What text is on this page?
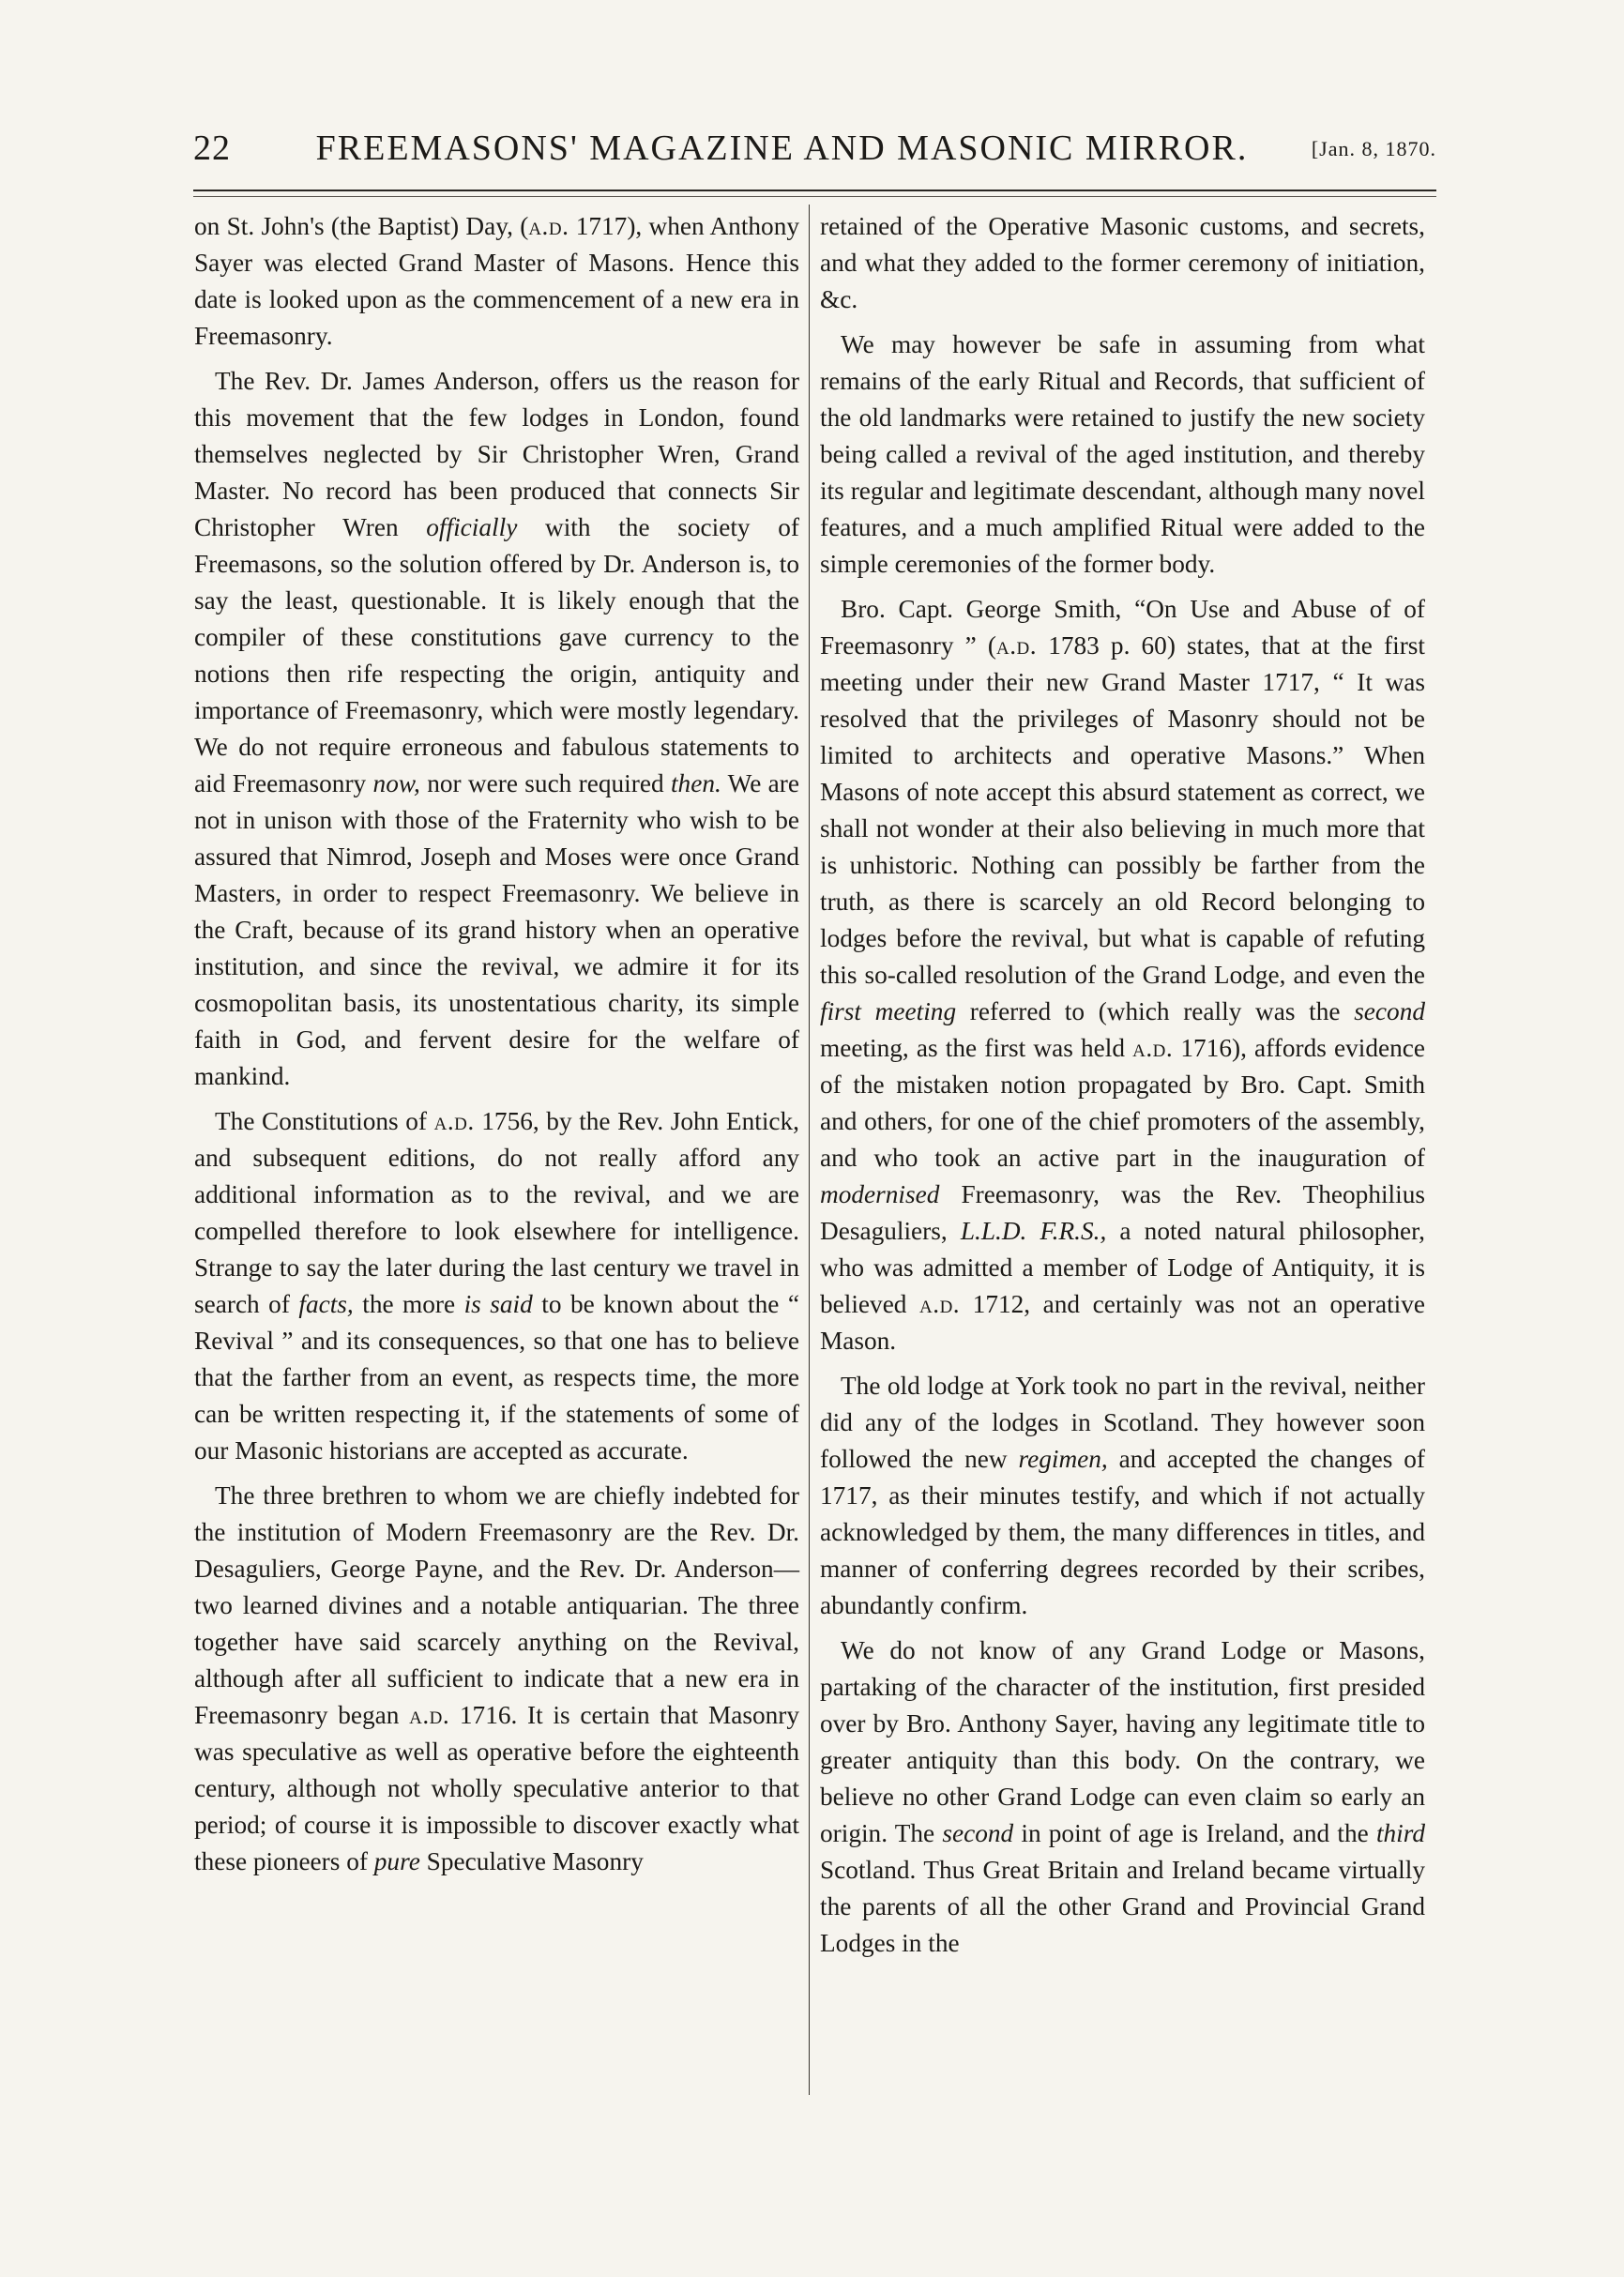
22	FREEMASONS' MAGAZINE AND MASONIC MIRROR.	[Jan. 8, 1870.

on St. John's (the Baptist) Day, (a.d. 1717), when Anthony Sayer was elected Grand Master of Masons. Hence this date is looked upon as the commencement of a new era in Freemasonry.

The Rev. Dr. James Anderson, offers us the reason for this movement that the few lodges in London, found themselves neglected by Sir Christopher Wren, Grand Master. No record has been produced that connects Sir Christopher Wren officially with the society of Freemasons, so the solution offered by Dr. Anderson is, to say the least, questionable. It is likely enough that the compiler of these constitutions gave currency to the notions then rife respecting the origin, antiquity and importance of Freemasonry, which were mostly legendary. We do not require erroneous and fabulous statements to aid Freemasonry now, nor were such required then. We are not in unison with those of the Fraternity who wish to be assured that Nimrod, Joseph and Moses were once Grand Masters, in order to respect Freemasonry. We believe in the Craft, because of its grand history when an operative institution, and since the revival, we admire it for its cosmopolitan basis, its unostentatious charity, its simple faith in God, and fervent desire for the welfare of mankind.

The Constitutions of a.d. 1756, by the Rev. John Entick, and subsequent editions, do not really afford any additional information as to the revival, and we are compelled therefore to look elsewhere for intelligence. Strange to say the later during the last century we travel in search of facts, the more is said to be known about the “ Revival ” and its consequences, so that one has to believe that the farther from an event, as respects time, the more can be written respecting it, if the statements of some of our Masonic historians are accepted as accurate.

The three brethren to whom we are chiefly indebted for the institution of Modern Freemasonry are the Rev. Dr. Desaguliers, George Payne, and the Rev. Dr. Anderson—two learned divines and a notable antiquarian. The three together have said scarcely anything on the Revival, although after all sufficient to indicate that a new era in Freemasonry began a.d. 1716. It is certain that Masonry was speculative as well as operative before the eighteenth century, although not wholly speculative anterior to that period; of course it is impossible to discover exactly what these pioneers of pure Speculative Masonry

retained of the Operative Masonic customs, and secrets, and what they added to the former ceremony of initiation, &c.

We may however be safe in assuming from what remains of the early Ritual and Records, that sufficient of the old landmarks were retained to justify the new society being called a revival of the aged institution, and thereby its regular and legitimate descendant, although many novel features, and a much amplified Ritual were added to the simple ceremonies of the former body.

Bro. Capt. George Smith, “On Use and Abuse of of Freemasonry ” (a.d. 1783 p. 60) states, that at the first meeting under their new Grand Master 1717, “ It was resolved that the privileges of Masonry should not be limited to architects and operative Masons.” When Masons of note accept this absurd statement as correct, we shall not wonder at their also believing in much more that is unhistoric. Nothing can possibly be farther from the truth, as there is scarcely an old Record belonging to lodges before the revival, but what is capable of refuting this so-called resolution of the Grand Lodge, and even the first meeting referred to (which really was the second meeting, as the first was held a.d. 1716), affords evidence of the mistaken notion propagated by Bro. Capt. Smith and others, for one of the chief promoters of the assembly, and who took an active part in the inauguration of modernised Freemasonry, was the Rev. Theophilius Desaguliers, L.L.D. F.R.S., a noted natural philosopher, who was admitted a member of Lodge of Antiquity, it is believed a.d. 1712, and certainly was not an operative Mason.

The old lodge at York took no part in the revival, neither did any of the lodges in Scotland. They however soon followed the new regimen, and accepted the changes of 1717, as their minutes testify, and which if not actually acknowledged by them, the many differences in titles, and manner of conferring degrees recorded by their scribes, abundantly confirm.

We do not know of any Grand Lodge or Masons, partaking of the character of the institution, first presided over by Bro. Anthony Sayer, having any legitimate title to greater antiquity than this body. On the contrary, we believe no other Grand Lodge can even claim so early an origin. The second in point of age is Ireland, and the third Scotland. Thus Great Britain and Ireland became virtually the parents of all the other Grand and Provincial Grand Lodges in the
